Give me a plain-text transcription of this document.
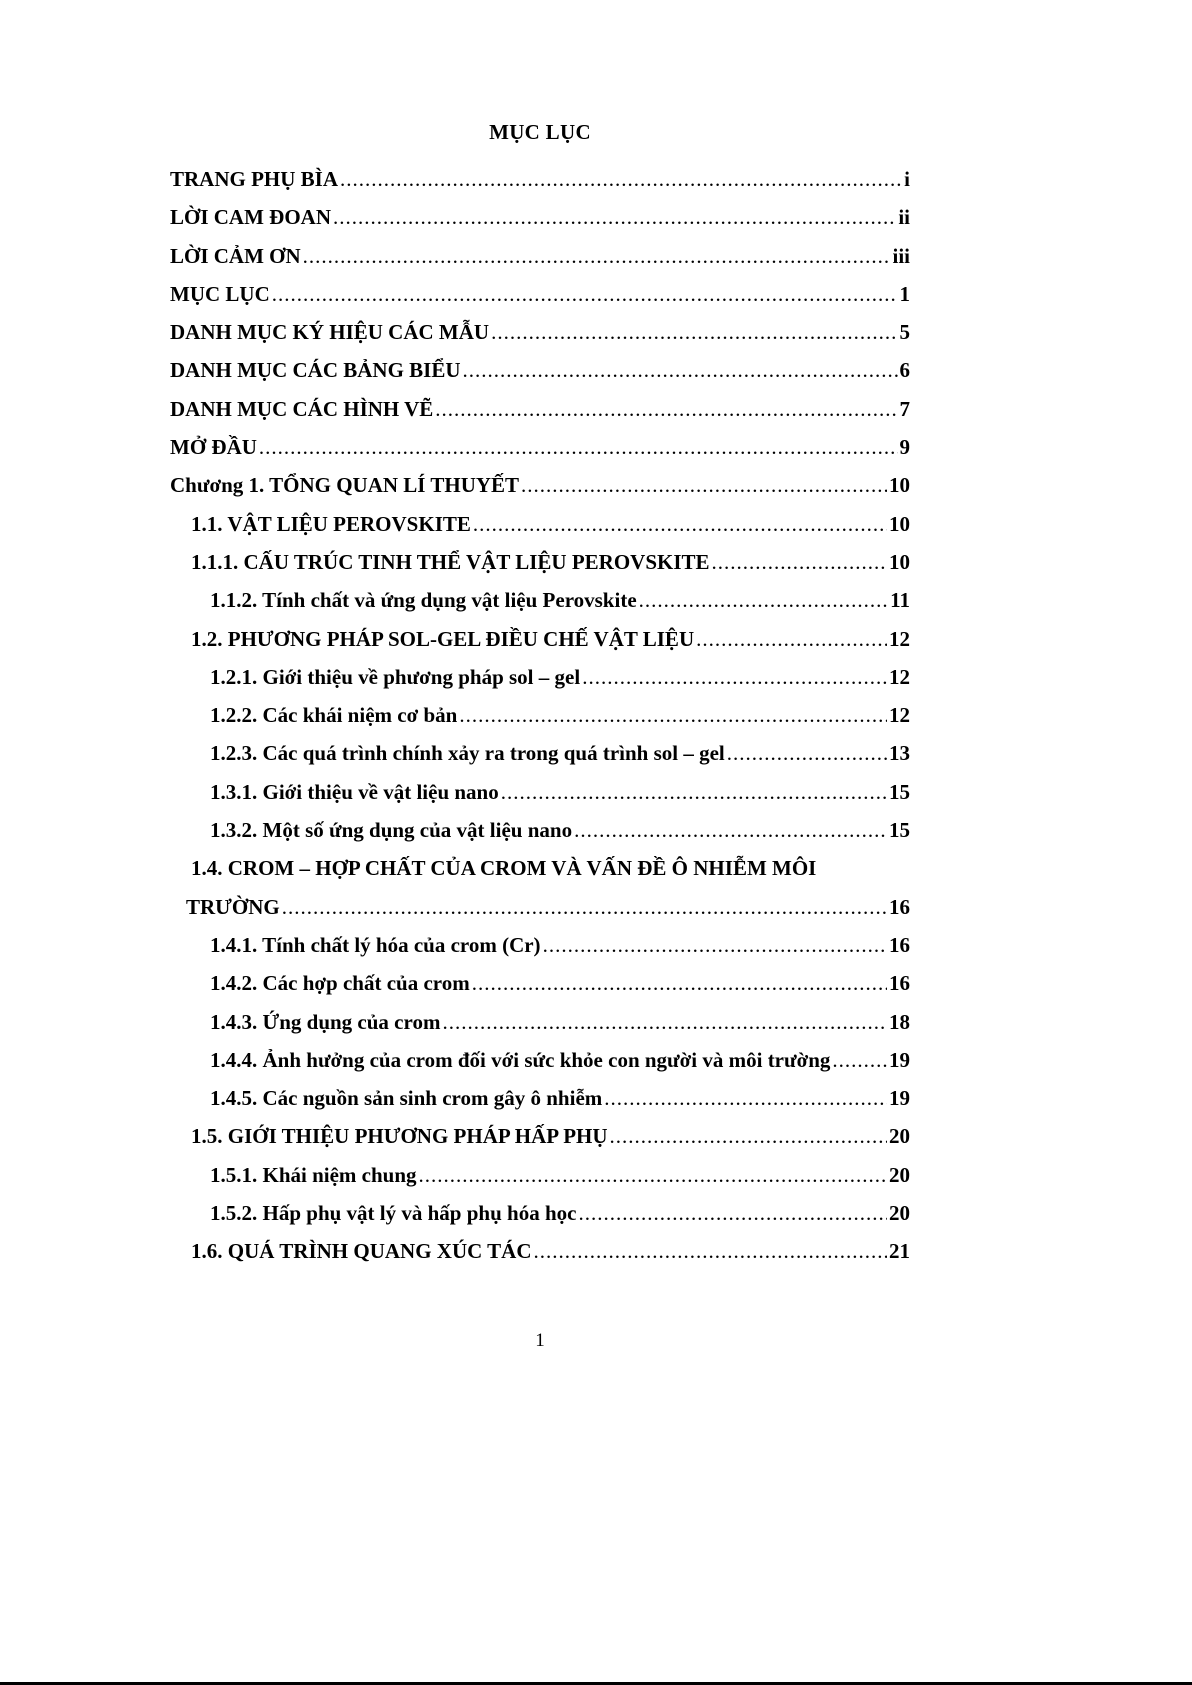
MỤC LỤC
TRANG PHỤ BÌA .....	i
LỜI CAM ĐOAN .....	ii
LỜI CẢM ƠN .....	iii
MỤC LỤC .....	1
DANH MỤC KÝ HIỆU CÁC MẪU .....	5
DANH MỤC CÁC BẢNG BIỂU .....	6
DANH MỤC CÁC HÌNH VẼ .....	7
MỞ ĐẦU .....	9
Chương 1. TỔNG QUAN LÍ THUYẾT .....	10
1.1. VẬT LIỆU PEROVSKITE .....	10
1.1.1. CẤU TRÚC TINH THỂ VẬT LIỆU PEROVSKITE .....	10
1.1.2. Tính chất và ứng dụng vật liệu Perovskite .....	11
1.2. PHƯƠNG PHÁP SOL-GEL ĐIỀU CHẾ VẬT LIỆU .....	12
1.2.1. Giới thiệu về phương pháp sol – gel .....	12
1.2.2. Các khái niệm cơ bản .....	12
1.2.3. Các quá trình chính xảy ra trong quá trình sol – gel .....	13
1.3.1. Giới thiệu về vật liệu nano .....	15
1.3.2. Một số ứng dụng của vật liệu nano .....	15
1.4. CROM – HỢP CHẤT CỦA CROM VÀ VẤN ĐỀ Ô NHIỄM MÔI
TRƯỜNG .....	16
1.4.1. Tính chất lý hóa của crom (Cr) .....	16
1.4.2. Các hợp chất của crom .....	16
1.4.3. Ứng dụng của crom .....	18
1.4.4. Ảnh hưởng của crom đối với sức khỏe con người và môi trường .....	19
1.4.5. Các nguồn sản sinh crom gây ô nhiễm .....	19
1.5. GIỚI THIỆU PHƯƠNG PHÁP HẤP PHỤ .....	20
1.5.1. Khái niệm chung .....	20
1.5.2. Hấp phụ vật lý và hấp phụ hóa học .....	20
1.6. QUÁ TRÌNH QUANG XÚC TÁC .....	21
1
